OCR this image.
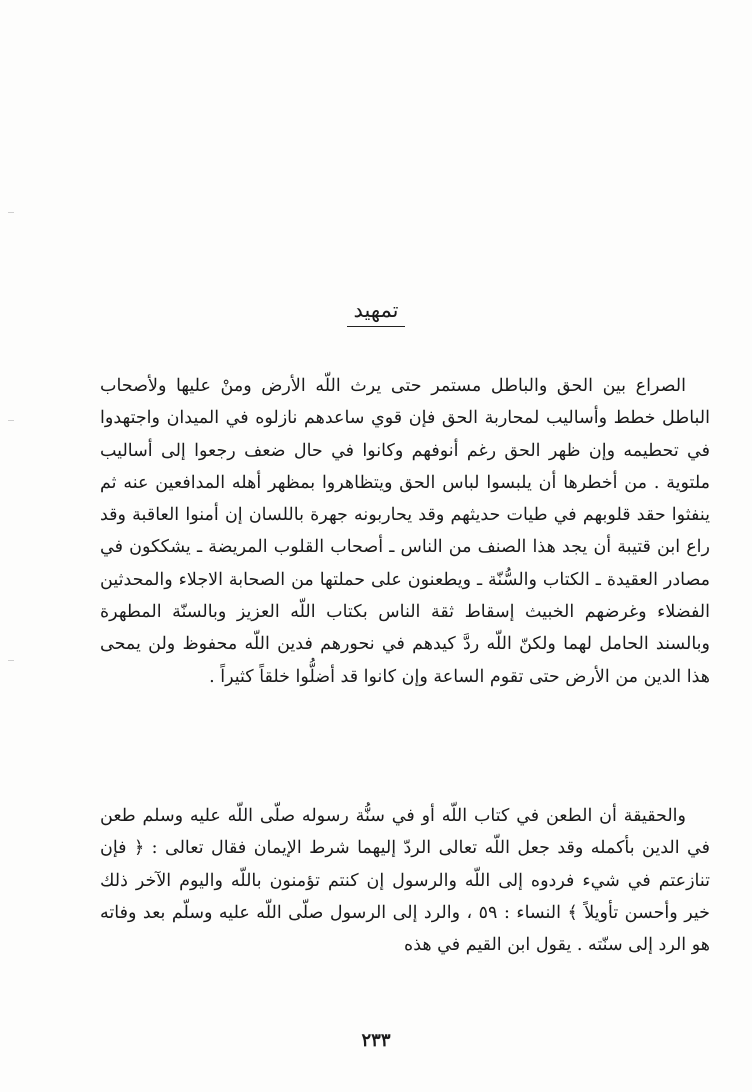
تمهيد

الصراع بين الحق والباطل مستمر حتى يرث اللّه الأرض ومنْ عليها ولأصحاب الباطل خطط وأساليب لمحاربة الحق فإن قوي ساعدهم نازلوه في الميدان واجتهدوا في تحطيمه وإن ظهر الحق رغم أنوفهم وكانوا في حال ضعف رجعوا إلى أساليب ملتوية . من أخطرها أن يلبسوا لباس الحق ويتظاهروا بمظهر أهله المدافعين عنه ثم ينفثوا حقد قلوبهم في طيات حديثهم وقد يحاربونه جهرة باللسان إن أمنوا العاقبة وقد راع ابن قتيبة أن يجد هذا الصنف من الناس ـ أصحاب القلوب المريضة ـ يشككون في مصادر العقيدة ـ الكتاب والسُّنّة ـ ويطعنون على حملتها من الصحابة الاجلاء والمحدثين الفضلاء وغرضهم الخبيث إسقاط ثقة الناس بكتاب اللّه العزيز وبالسنّة المطهرة وبالسند الحامل لهما ولكنّ اللّه ردَّ كيدهم في نحورهم فدين اللّه محفوظ ولن يمحى هذا الدين من الأرض حتى تقوم الساعة وإن كانوا قد أضلُّوا خلقاً كثيراً .

والحقيقة أن الطعن في كتاب اللّه أو في سنُّة رسوله صلّى اللّه عليه وسلم طعن في الدين بأكمله وقد جعل اللّه تعالى الردّ إليهما شرط الإيمان فقال تعالى : ﴿ فإن تنازعتم في شيء فردوه إلى اللّه والرسول إن كنتم تؤمنون باللّه واليوم الآخر ذلك خير وأحسن تأويلاً ﴾ النساء : ٥٩ ، والرد إلى الرسول صلّى اللّه عليه وسلّم بعد وفاته هو الرد إلى سنّته . يقول ابن القيم في هذه

٢٣٣
